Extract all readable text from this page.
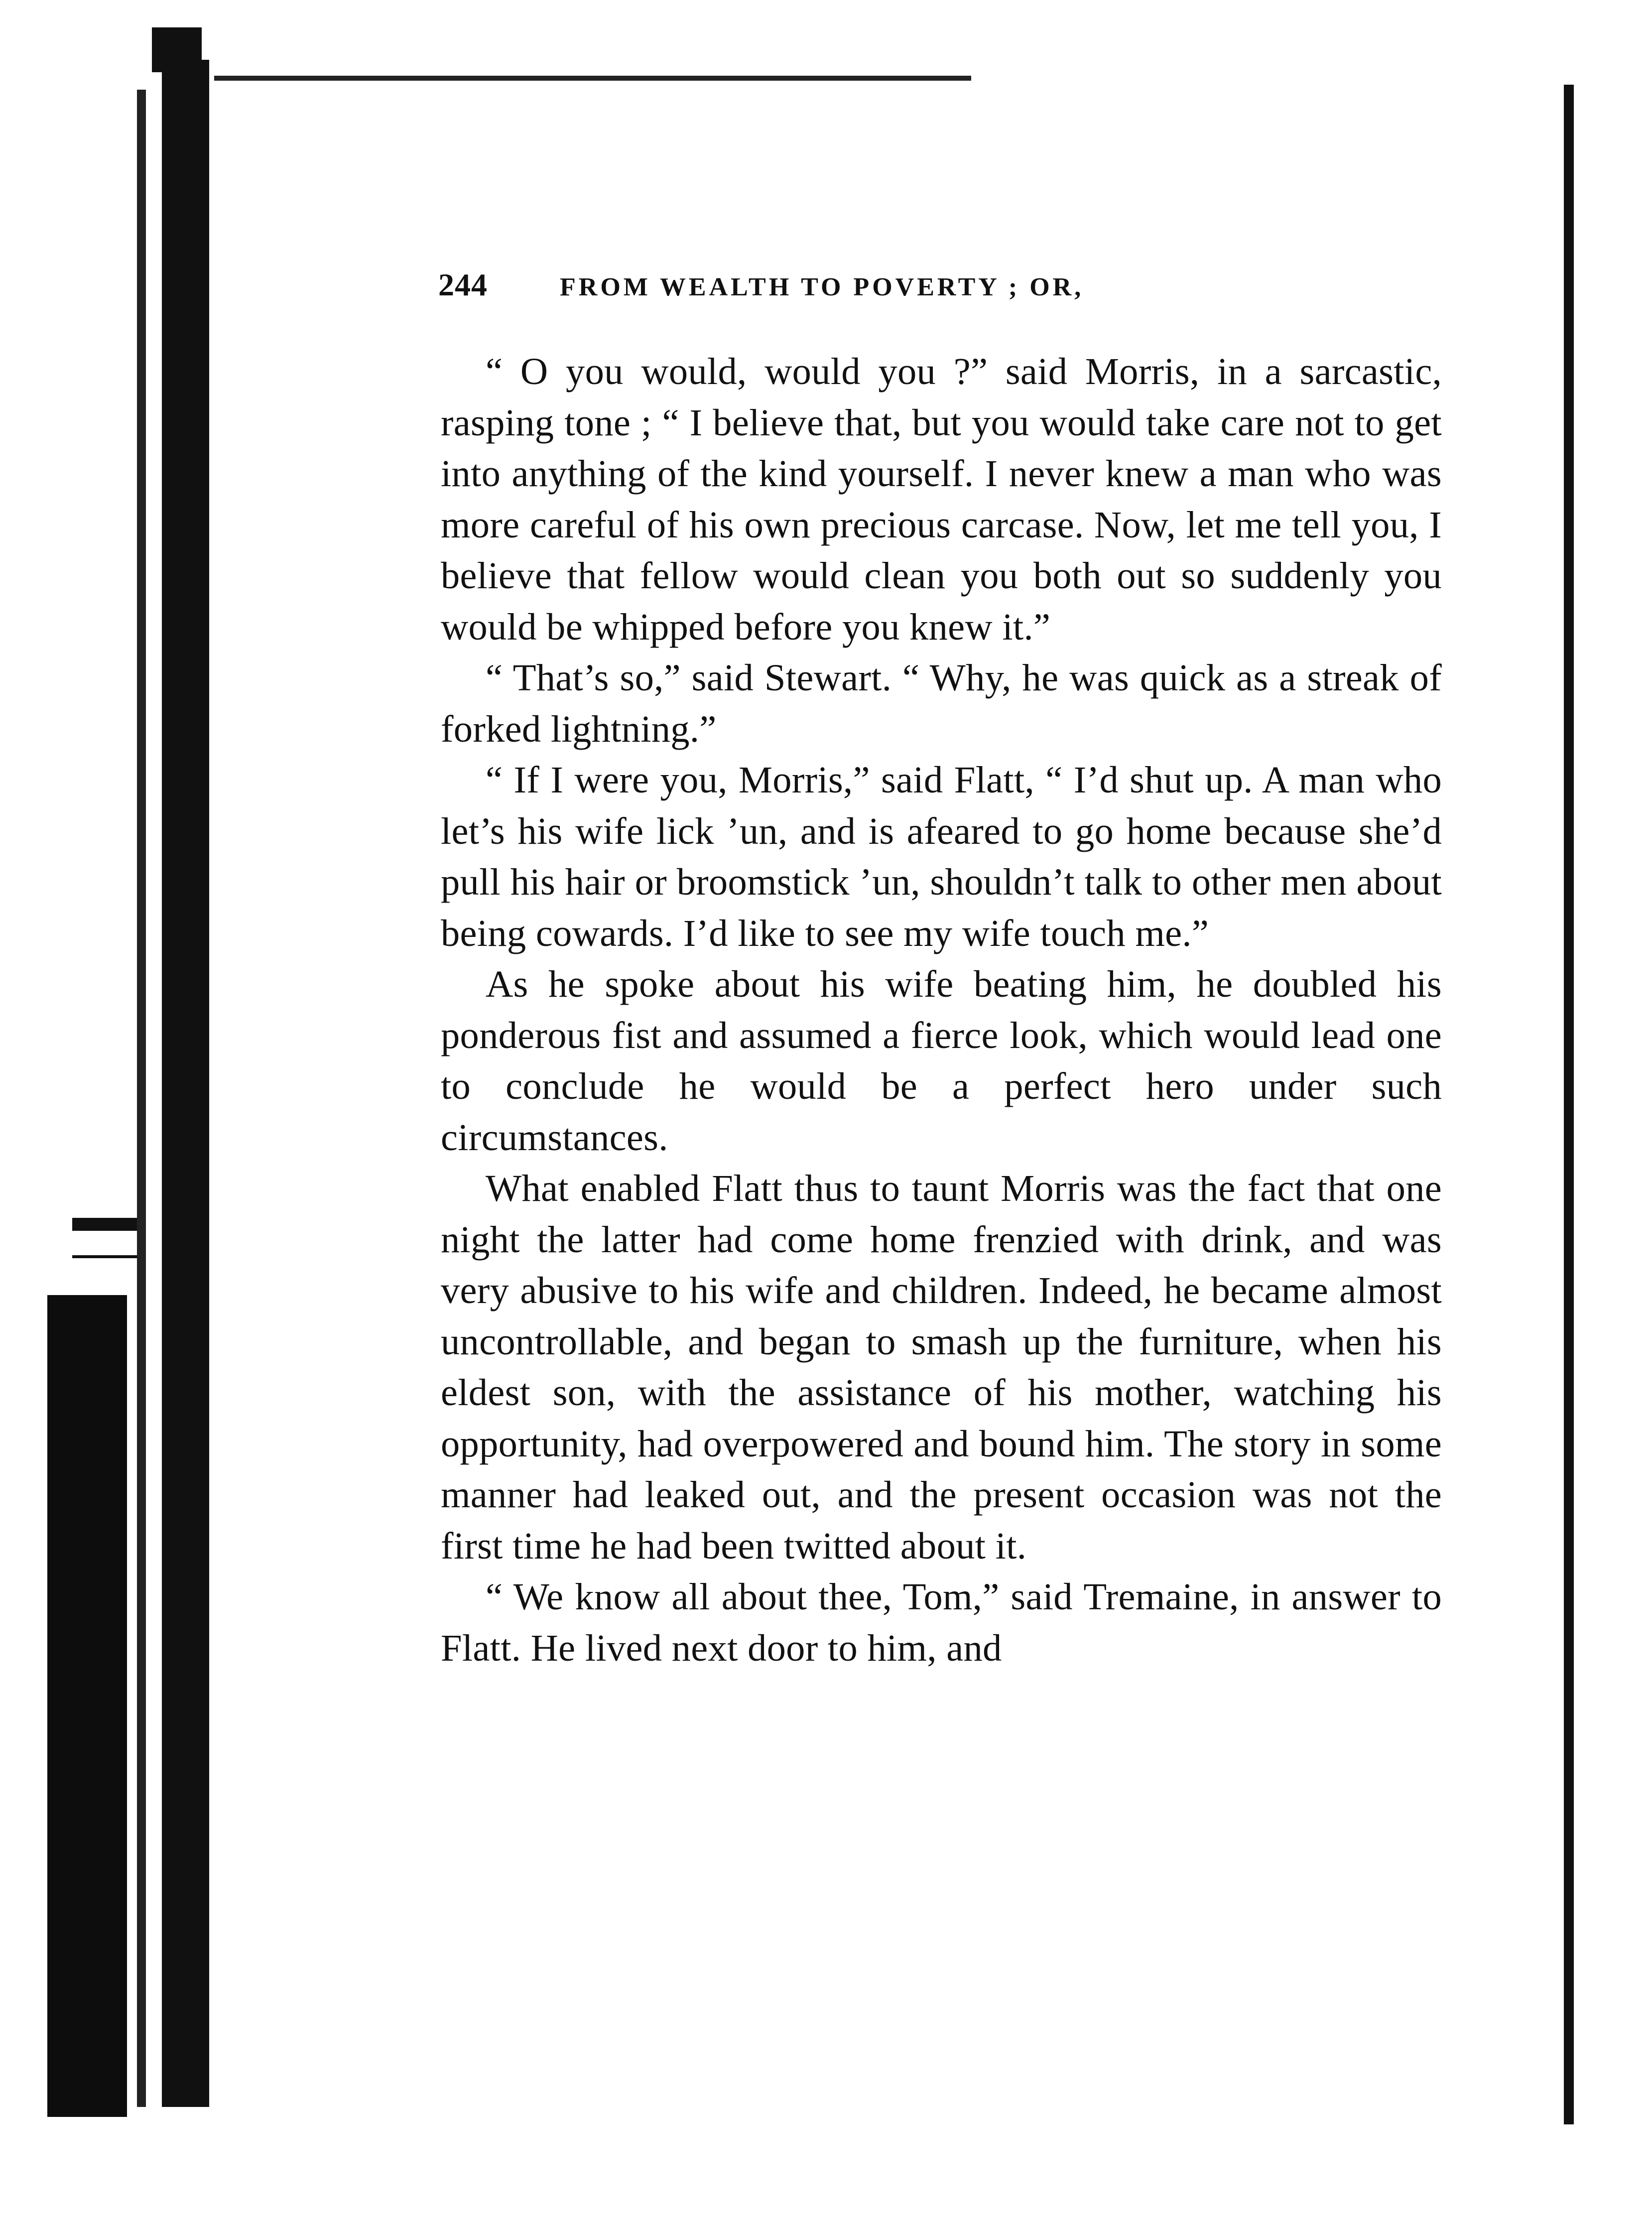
244	FROM WEALTH TO POVERTY ; OR,

“ O you would, would you ?” said Morris, in a sarcastic, rasping tone ; “ I believe that, but you would take care not to get into anything of the kind yourself. I never knew a man who was more careful of his own precious carcase. Now, let me tell you, I believe that fellow would clean you both out so suddenly you would be whipped before you knew it.”

“ That’s so,” said Stewart. “ Why, he was quick as a streak of forked lightning.”

“ If I were you, Morris,” said Flatt, “ I’d shut up. A man who let’s his wife lick ’un, and is afeared to go home because she’d pull his hair or broomstick ’un, shouldn’t talk to other men about being cowards. I’d like to see my wife touch me.”

As he spoke about his wife beating him, he doubled his ponderous fist and assumed a fierce look, which would lead one to conclude he would be a perfect hero under such circumstances.

What enabled Flatt thus to taunt Morris was the fact that one night the latter had come home frenzied with drink, and was very abusive to his wife and children. Indeed, he became almost uncontrollable, and began to smash up the furniture, when his eldest son, with the assistance of his mother, watching his opportunity, had overpowered and bound him. The story in some manner had leaked out, and the present occasion was not the first time he had been twitted about it.

“ We know all about thee, Tom,” said Tremaine, in answer to Flatt. He lived next door to him, and
